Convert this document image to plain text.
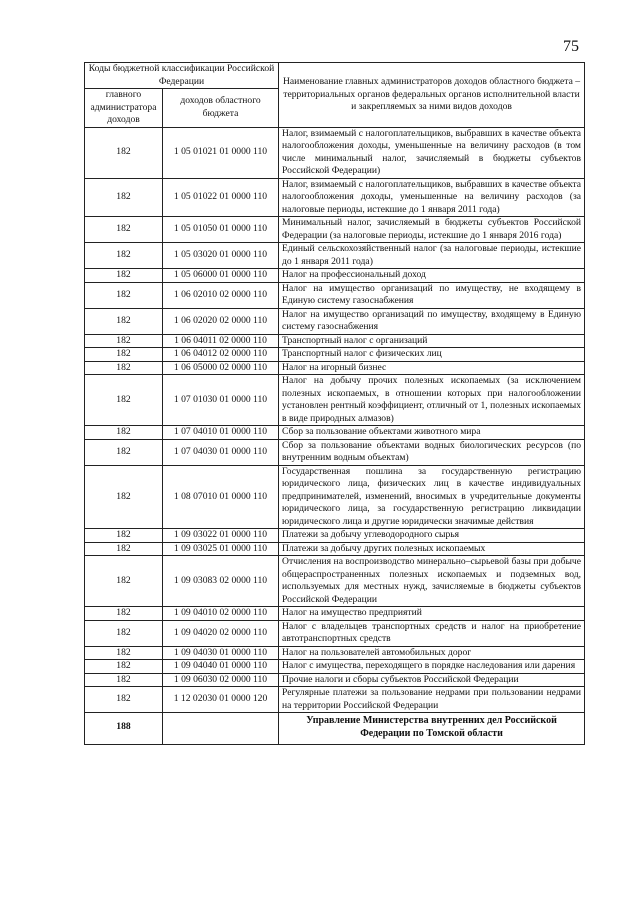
75
Коды бюджетной классификации Российской Федерации		Наименование главных администраторов доходов областного бюджета – территориальных органов федеральных органов исполнительной власти и закрепляемых за ними видов доходов
главного администратора доходов	доходов областного бюджета	
182	1 05 01021 01 0000 110	Налог, взимаемый с налогоплательщиков, выбравших в качестве объекта налогообложения доходы, уменьшенные на величину расходов (в том числе минимальный налог, зачисляемый в бюджеты субъектов Российской Федерации)
182	1 05 01022 01 0000 110	Налог, взимаемый с налогоплательщиков, выбравших в качестве объекта налогообложения доходы, уменьшенные на величину расходов (за налоговые периоды, истекшие до 1 января 2011 года)
182	1 05 01050 01 0000 110	Минимальный налог, зачисляемый в бюджеты субъектов Российской Федерации (за налоговые периоды, истекшие до 1 января 2016 года)
182	1 05 03020 01 0000 110	Единый сельскохозяйственный налог (за налоговые периоды, истекшие до 1 января 2011 года)
182	1 05 06000 01 0000 110	Налог на профессиональный доход
182	1 06 02010 02 0000 110	Налог на имущество организаций по имуществу, не входящему в Единую систему газоснабжения
182	1 06 02020 02 0000 110	Налог на имущество организаций по имуществу, входящему в Единую систему газоснабжения
182	1 06 04011 02 0000 110	Транспортный налог с организаций
182	1 06 04012 02 0000 110	Транспортный налог с физических лиц
182	1 06 05000 02 0000 110	Налог на игорный бизнес
182	1 07 01030 01 0000 110	Налог на добычу прочих полезных ископаемых (за исключением полезных ископаемых, в отношении которых при налогообложении установлен рентный коэффициент, отличный от 1, полезных ископаемых в виде природных алмазов)
182	1 07 04010 01 0000 110	Сбор за пользование объектами животного мира
182	1 07 04030 01 0000 110	Сбор за пользование объектами водных биологических ресурсов (по внутренним водным объектам)
182	1 08 07010 01 0000 110	Государственная пошлина за государственную регистрацию юридического лица, физических лиц в качестве индивидуальных предпринимателей, изменений, вносимых в учредительные документы юридического лица, за государственную регистрацию ликвидации юридического лица и другие юридически значимые действия
182	1 09 03022 01 0000 110	Платежи за добычу углеводородного сырья
182	1 09 03025 01 0000 110	Платежи за добычу других полезных ископаемых
182	1 09 03083 02 0000 110	Отчисления на воспроизводство минерально–сырьевой базы при добыче общераспространенных полезных ископаемых и подземных вод, используемых для местных нужд, зачисляемые в бюджеты субъектов Российской Федерации
182	1 09 04010 02 0000 110	Налог на имущество предприятий
182	1 09 04020 02 0000 110	Налог с владельцев транспортных средств и налог на приобретение автотранспортных средств
182	1 09 04030 01 0000 110	Налог на пользователей автомобильных дорог
182	1 09 04040 01 0000 110	Налог с имущества, переходящего в порядке наследования или дарения
182	1 09 06030 02 0000 110	Прочие налоги и сборы субъектов Российской Федерации
182	1 12 02030 01 0000 120	Регулярные платежи за пользование недрами при пользовании недрами на территории Российской Федерации
188		Управление Министерства внутренних дел Российской Федерации по Томской области
